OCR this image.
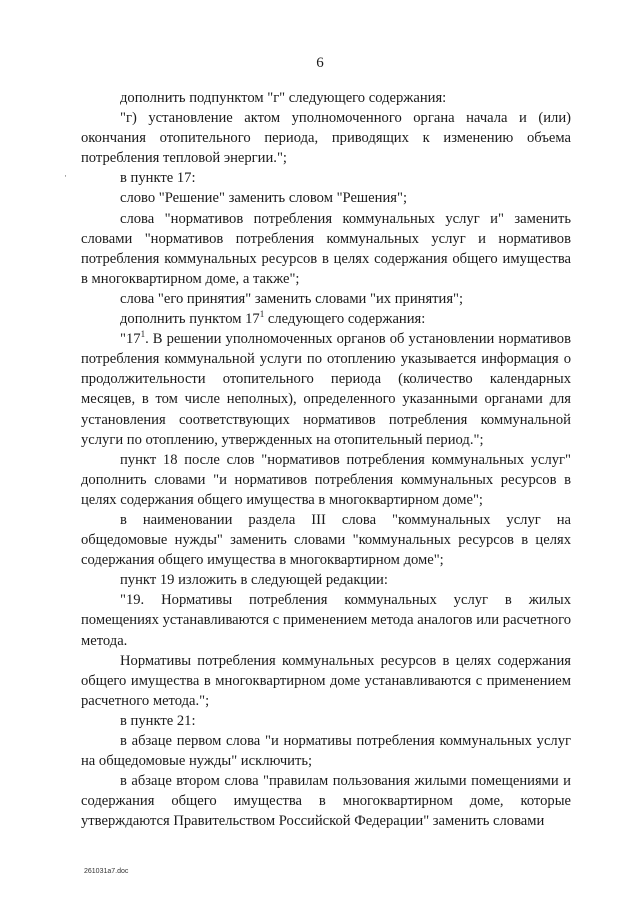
6
·

дополнить подпунктом "г" следующего содержания:

"г) установление актом уполномоченного органа начала и (или) окончания отопительного периода, приводящих к изменению объема потребления тепловой энергии.";

в пункте 17:

слово "Решение" заменить словом "Решения";

слова "нормативов потребления коммунальных услуг и" заменить словами "нормативов потребления коммунальных услуг и нормативов потребления коммунальных ресурсов в целях содержания общего имущества в многоквартирном доме, а также";

слова "его принятия" заменить словами "их принятия";

дополнить пунктом $17^1$ следующего содержания:

"$17^1$. В решении уполномоченных органов об установлении нормативов потребления коммунальной услуги по отоплению указывается информация о продолжительности отопительного периода (количество календарных месяцев, в том числе неполных), определенного указанными органами для установления соответствующих нормативов потребления коммунальной услуги по отоплению, утвержденных на отопительный период.";

пункт 18 после слов "нормативов потребления коммунальных услуг" дополнить словами "и нормативов потребления коммунальных ресурсов в целях содержания общего имущества в многоквартирном доме";

в наименовании раздела III слова "коммунальных услуг на общедомовые нужды" заменить словами "коммунальных ресурсов в целях содержания общего имущества в многоквартирном доме";

пункт 19 изложить в следующей редакции:

"19. Нормативы потребления коммунальных услуг в жилых помещениях устанавливаются с применением метода аналогов или расчетного метода.

Нормативы потребления коммунальных ресурсов в целях содержания общего имущества в многоквартирном доме устанавливаются с применением расчетного метода.";

в пункте 21:

в абзаце первом слова "и нормативы потребления коммунальных услуг на общедомовые нужды" исключить;

в абзаце втором слова "правилам пользования жилыми помещениями и содержания общего имущества в многоквартирном доме, которые утверждаются Правительством Российской Федерации" заменить словами

261031a7.doc
